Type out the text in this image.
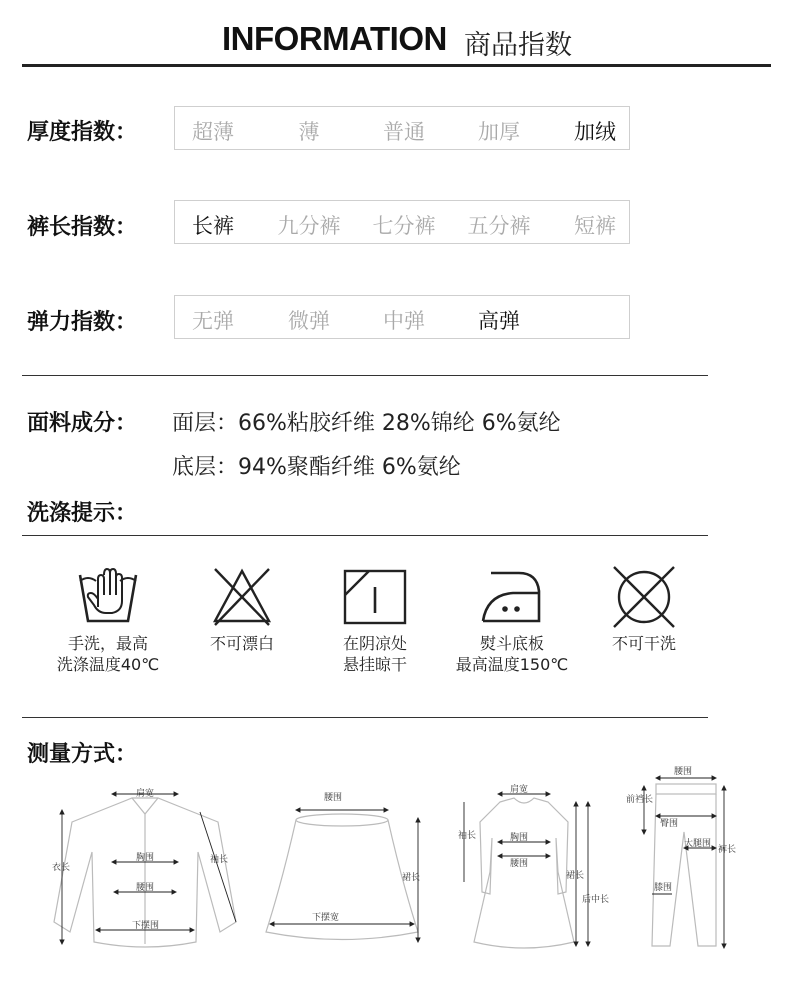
INFORMATION 商品指数
厚度指数：	超薄	薄	普通	加厚	加绒
裤长指数：	长裤	九分裤	七分裤	五分裤	短裤
弹力指数：	无弹	微弹	中弹	高弹
面料成分： 面层：66%粘胶纤维 28%锦纶 6%氨纶
底层：94%聚酯纤维 6%氨纶
洗涤提示：
手洗，最高
洗涤温度40℃
不可漂白	在阴凉处
悬挂晾干
熨斗底板
最高温度150℃
不可干洗
测量方式：
肩宽
衣长
袖长
胸围
腰围
下摆围
腰围
裙长
下摆宽
肩宽
袖长	胸围
腰围
裙长
后中长
腰围
前裆长
臀围
大腿围
膝围
裤长
